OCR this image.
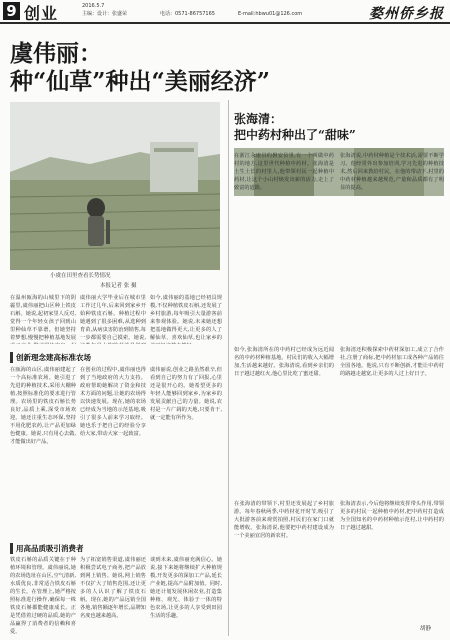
9 创业	2016.5.7
主编：设计：张盛荣	电话：0571-86757165	E-mail:hbwu01@126.com	婺州侨乡报
虞伟丽：
种“仙草”种出“美丽经济”
小虞在田里查看长势情况
本报记者 张 摄
张海清：
把中药村种出了“甜味”
在温州瓯海的山城里下的阴霾里,虞伟丽把山区种上铁皮石斛。她说,起初家里人反对,觉得一个年轻女孩子回到山里种仙草不靠谱。但她坚持着梦想,慢慢把种植基地发展
虞伟丽大学毕业后在城市里工作过几年,后来回到家乡开始种铁皮石斛。种植过程中她遇到了很多困难,从选种到育苗,从病虫害防治到销售,每一步都需要自己摸索。她说,
如今,虞伟丽的基地已经初具规模,不仅种植铁皮石斛,还发展了乡村旅游,每年吸引大量游客前来参观体验。她说,未来她还想把基地做得更大,让更多的人了解仙草、喜欢仙草,也让家乡的
创新理念建高标准农场
在瓯海的山区,虞伟丽建起了一个高标准农场。她引进了先进的种植技术,采用大棚种植,按照标准化的要求进行管理。农场里的铁皮石斛长势良好,品质上乘,深受市场欢迎。她还注重生态环保,坚持不用化肥农药,让产品更加绿色健康。她说,只有用心去做,才能做出好产品。
在创业的过程中,虞伟丽也得到了当地政府的大力支持。政府帮助她解决了资金和技术方面的问题,让她的农场得以快速发展。现在,她的农场已经成为当地的示范基地,吸引了很多人前来学习取经。她也乐于把自己的经验分享给大家,带动大家一起致富。
虞伟丽说,创业之路虽然艰辛,但看到自己的努力有了回报,心里还是很开心的。她希望更多的年轻人能够回到家乡,为家乡的发展贡献自己的力量。她说,农村是一片广阔的天地,只要肯干,就一定能有所作为。
用高品质吸引消费者
铁皮石斛的品质关键在于种植环境和管理。虞伟丽说,她的农场选址在山区,空气清新,水质优良,非常适合铁皮石斛的生长。在管理上,她严格按照标准进行操作,确保每一株铁皮石斛都能健康成长。正是凭借着过硬的品质,她的产品赢得了消费者的信赖和喜爱。
为了拓宽销售渠道,虞伟丽还积极尝试电子商务,把产品放到网上销售。她说,网上销售不仅扩大了销售范围,还让更多的人认识了解了铁皮石斛。现在,她的产品远销全国各地,销售额逐年增长,品牌知名度也越来越高。
谈到未来,虞伟丽充满信心。她说,接下来她将继续扩大种植规模,开发更多的深加工产品,延长产业链,提高产品附加值。同时,她还计划发展休闲农业,打造集种植、观光、体验于一体的特色农场,让更多的人享受到田园生活的乐趣。
在浙江永康县的磐安县里,有一个叫做中药村的地方,这里世代种植中药材。张海清是土生土长的村里人,他带领村民一起种植中药材,让这个小山村焕发出新的活力,走上了致富的道路。
张海清说,中药材种植是个技术活,需要不断学习。他经常外出参加培训,学习先进的种植技术,然后回来教给村民。在他的带动下,村里的中药材种植越来越规范,产量和品质都有了明显的提高。
如今,张海清所在的中药村已经成为远近闻名的中药材种植基地。村民们的收入大幅增加,生活越来越好。张海清说,看到乡亲们的日子越过越红火,他心里比吃了蜜还甜。
张海清还积极探索中药材深加工,成立了合作社,注册了商标,把中药材加工成各种产品销往全国各地。他说,只有不断创新,才能让中药村的路越走越宽,让更多的人过上好日子。
在张海清的带领下,村里还发展起了乡村旅游。每年春秋两季,中药材花开时节,吸引了大批游客前来观赏拍照,村民们在家门口就能增收。张海清说,他要把中药村建设成为一个美丽宜居的新农村。
张海清表示,今后他将继续发挥带头作用,带领更多的村民一起种植中药材,把中药村打造成为全国知名的中药材种植示范村,让中药村的日子越过越甜。
胡静
